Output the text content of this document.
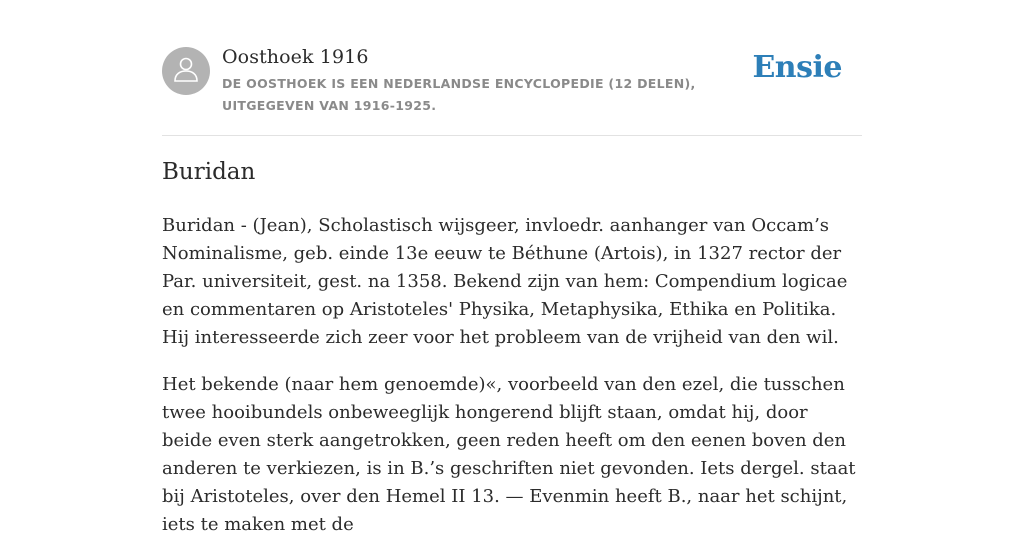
Oosthoek 1916
DE OOSTHOEK IS EEN NEDERLANDSE ENCYCLOPEDIE (12 DELEN), UITGEGEVEN VAN 1916-1925.
Ensie
Buridan

Buridan - (Jean), Scholastisch wijsgeer, invloedr. aanhanger van Occam’s Nominalisme, geb. einde 13e eeuw te Béthune (Artois), in 1327 rector der Par. universiteit, gest. na 1358. Bekend zijn van hem: Compendium logicae en commentaren op Aristoteles' Physika, Metaphysika, Ethika en Politika. Hij interesseerde zich zeer voor het probleem van de vrijheid van den wil.

Het bekende (naar hem genoemde)«, voorbeeld van den ezel, die tusschen twee hooibundels onbeweeglijk hongerend blijft staan, omdat hij, door beide even sterk aangetrokken, geen reden heeft om den eenen boven den anderen te verkiezen, is in B.’s geschriften niet gevonden. Iets dergel. staat bij Aristoteles, over den Hemel II 13. — Evenmin heeft B., naar het schijnt, iets te maken met de
